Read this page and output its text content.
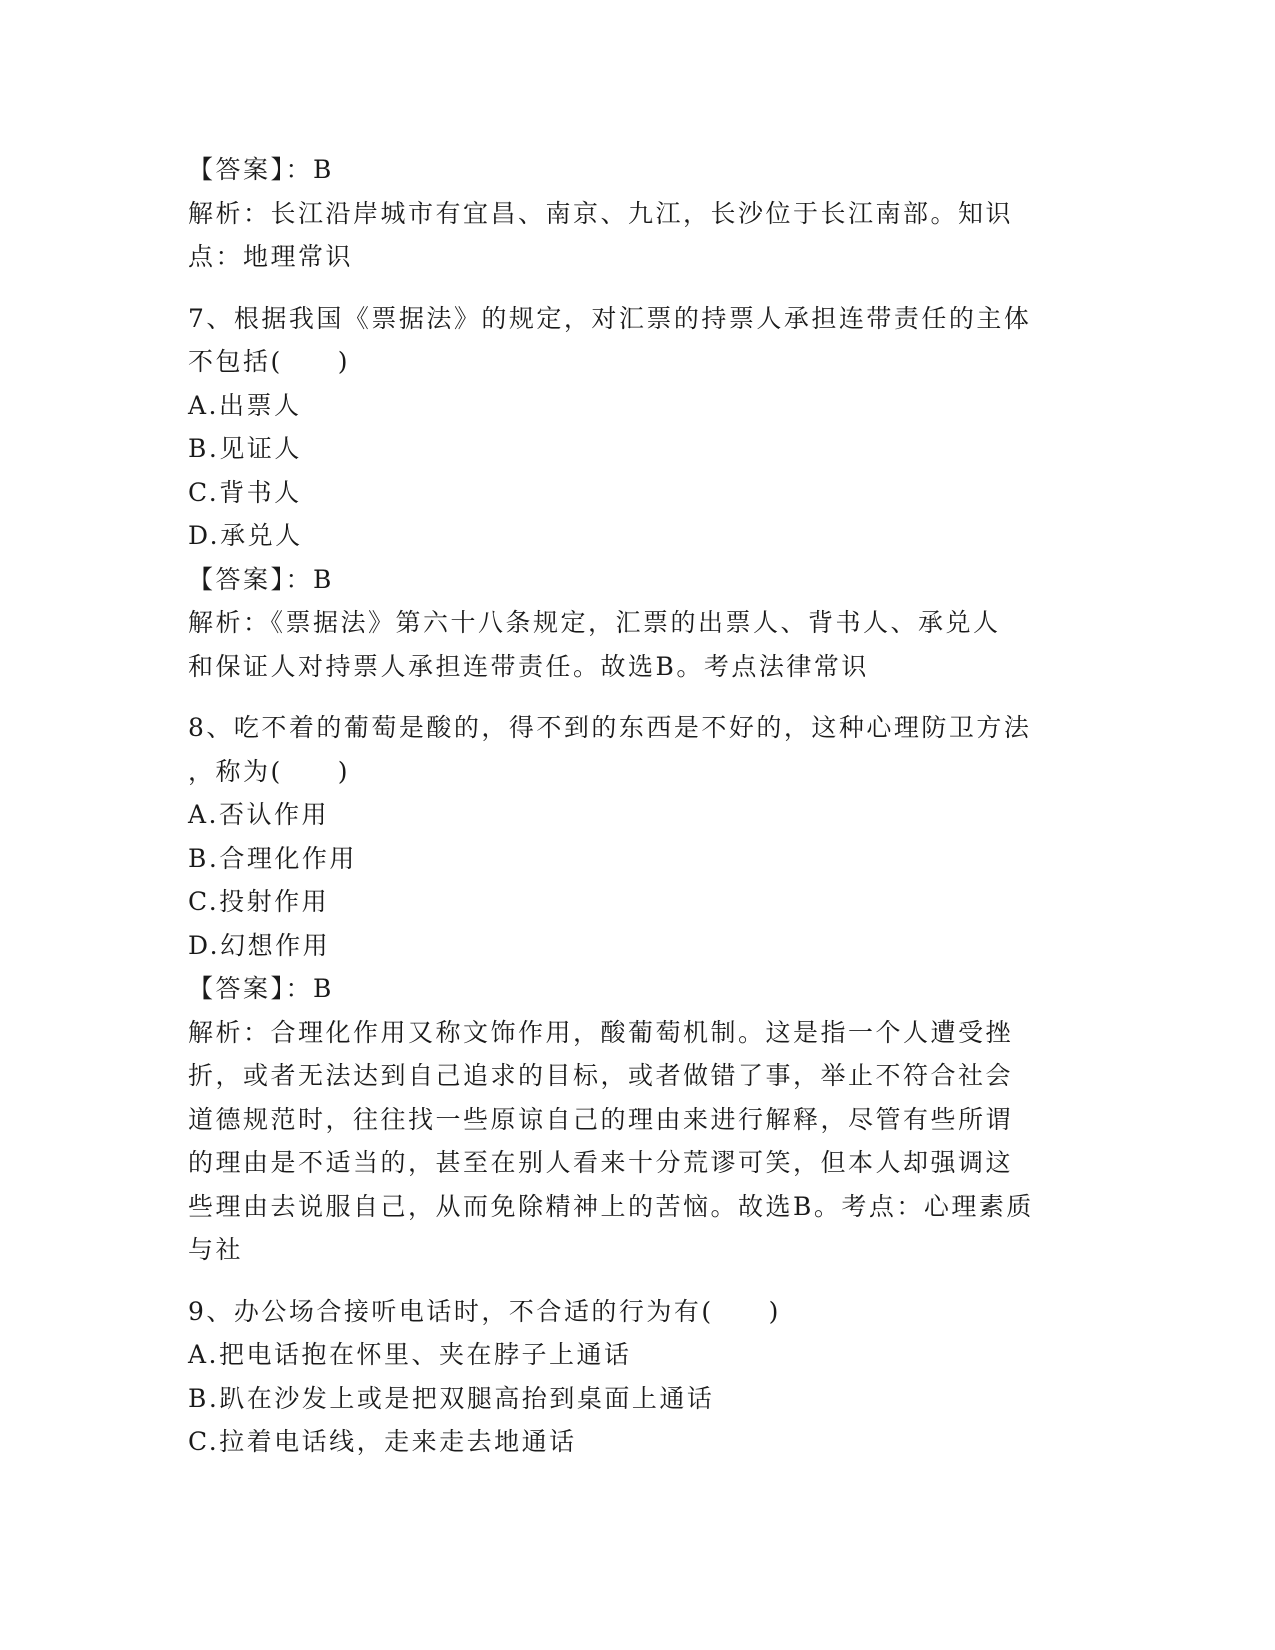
【答案】：B
解析：长江沿岸城市有宜昌、南京、九江，长沙位于长江南部。知识
点：地理常识
7、根据我国《票据法》的规定，对汇票的持票人承担连带责任的主体
不包括(　　)
A.出票人
B.见证人
C.背书人
D.承兑人
【答案】：B
解析：《票据法》第六十八条规定，汇票的出票人、背书人、承兑人
和保证人对持票人承担连带责任。故选B。考点法律常识
8、吃不着的葡萄是酸的，得不到的东西是不好的，这种心理防卫方法
，称为(　　)
A.否认作用
B.合理化作用
C.投射作用
D.幻想作用
【答案】：B
解析：合理化作用又称文饰作用，酸葡萄机制。这是指一个人遭受挫
折，或者无法达到自己追求的目标，或者做错了事，举止不符合社会
道德规范时，往往找一些原谅自己的理由来进行解释，尽管有些所谓
的理由是不适当的，甚至在别人看来十分荒谬可笑，但本人却强调这
些理由去说服自己，从而免除精神上的苦恼。故选B。考点：心理素质
与社
9、办公场合接听电话时，不合适的行为有(　　)
A.把电话抱在怀里、夹在脖子上通话
B.趴在沙发上或是把双腿高抬到桌面上通话
C.拉着电话线，走来走去地通话
